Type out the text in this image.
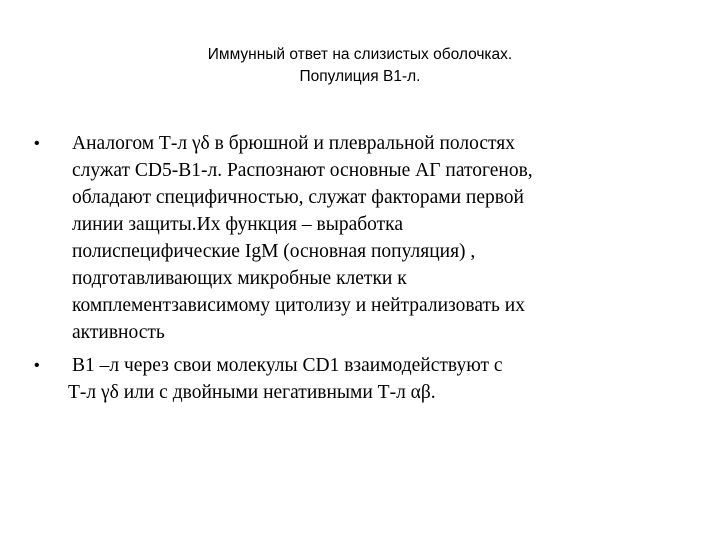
Иммунный ответ на слизистых оболочках.
Популиция В1-л.
•	Аналогом Т-л γδ в брюшной и плевральной полостях
служат CD5-B1-л. Распознают основные АГ патогенов,
обладают специфичностью, служат факторами первой
линии защиты.Их функция – выработка
полиспецифические IgM (основная популяция) ,
подготавливающих микробные клетки к
комплементзависимому цитолизу и нейтрализовать их
активность
•	В1 –л через свои молекулы CD1 взаимодействуют с
Т-л γδ или с двойными негативными Т-л αβ.
